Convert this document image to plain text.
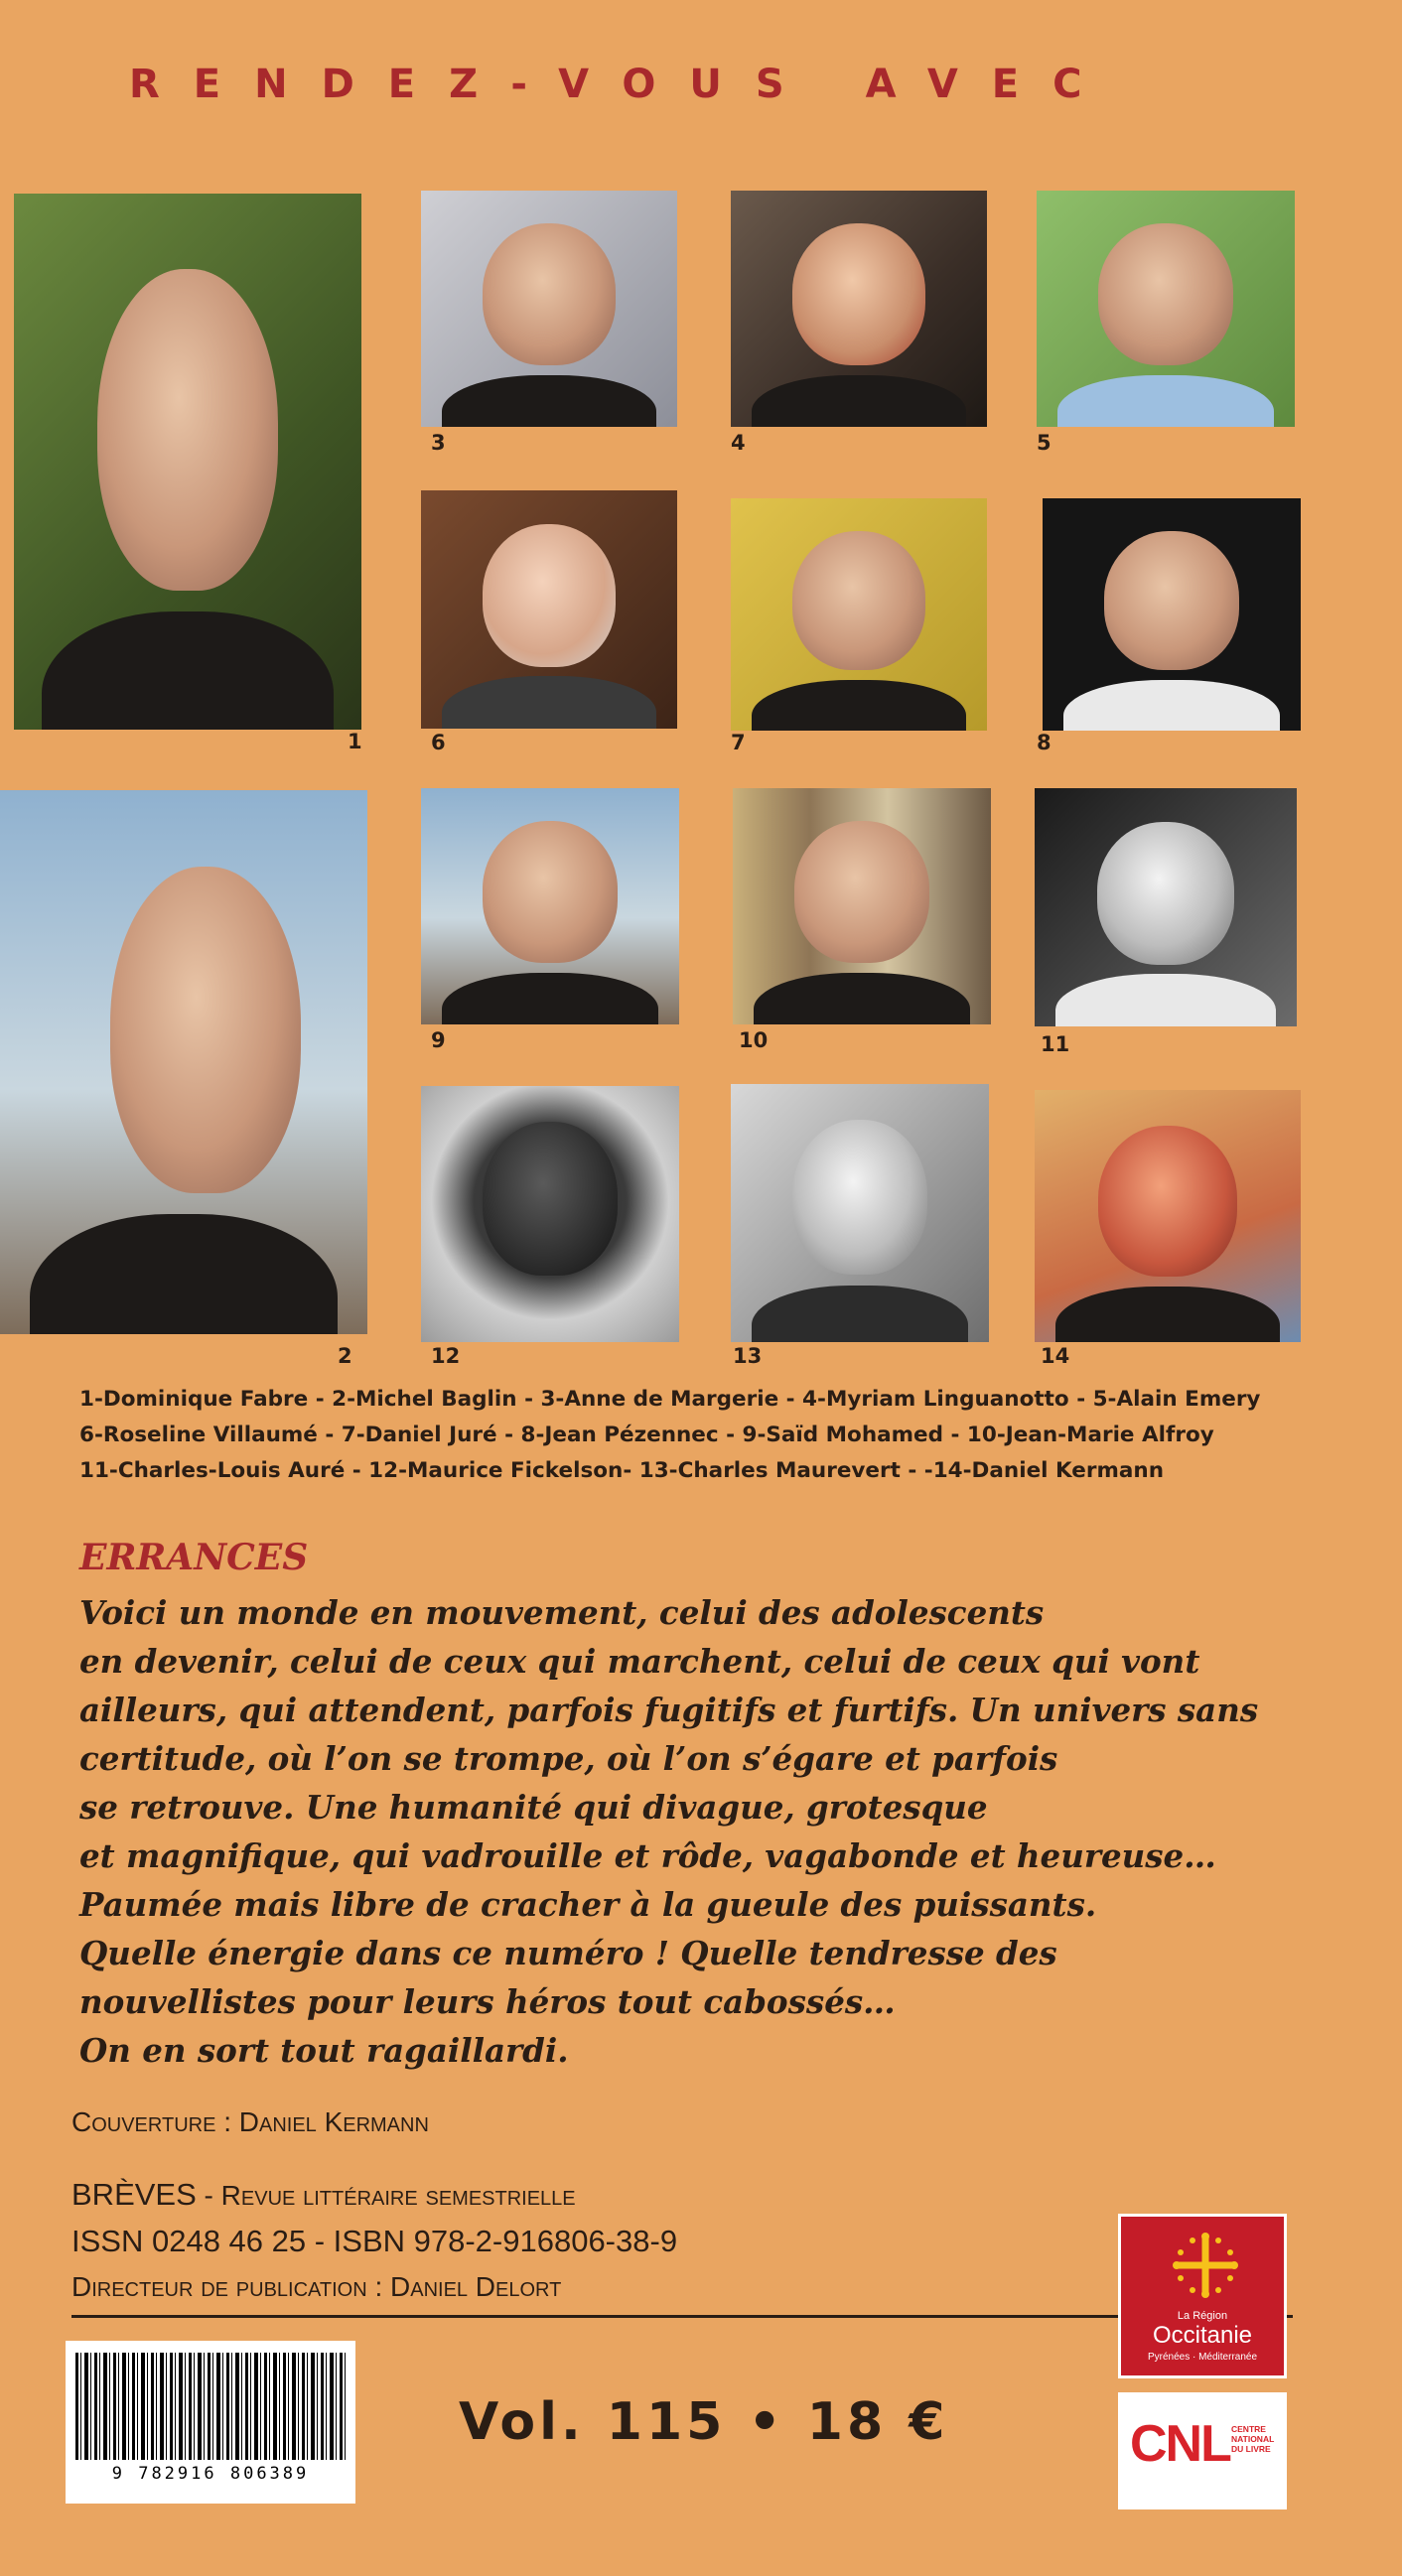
RENDEZ-VOUS AVEC
1
3	4	5
6	7	8
2
9	10	11
12	13	14
1-Dominique Fabre - 2-Michel Baglin - 3-Anne de Margerie - 4-Myriam Linguanotto - 5-Alain Emery
6-Roseline Villaumé - 7-Daniel Juré - 8-Jean Pézennec - 9-Saïd Mohamed - 10-Jean-Marie Alfroy
11-Charles-Louis Auré - 12-Maurice Fickelson- 13-Charles Maurevert - -14-Daniel Kermann
ERRANCES
Voici un monde en mouvement, celui des adolescents
en devenir, celui de ceux qui marchent, celui de ceux qui vont
ailleurs, qui attendent, parfois fugitifs et furtifs. Un univers sans
certitude, où l’on se trompe, où l’on s’égare et parfois
se retrouve. Une humanité qui divague, grotesque
et magnifique, qui vadrouille et rôde, vagabonde et heureuse…
Paumée mais libre de cracher à la gueule des puissants.
Quelle énergie dans ce numéro ! Quelle tendresse des
nouvellistes pour leurs héros tout cabossés…
On en sort tout ragaillardi.
Couverture : Daniel Kermann
BRÈVES - Revue littéraire semestrielle
ISSN 0248 46 25 - ISBN 978-2-916806-38-9
Directeur de publication : Daniel Delort
9 782916 806389
Vol. 115 • 18 €
La Région
Occitanie
Pyrénées · Méditerranée
CNL CENTRE NATIONAL DU LIVRE
